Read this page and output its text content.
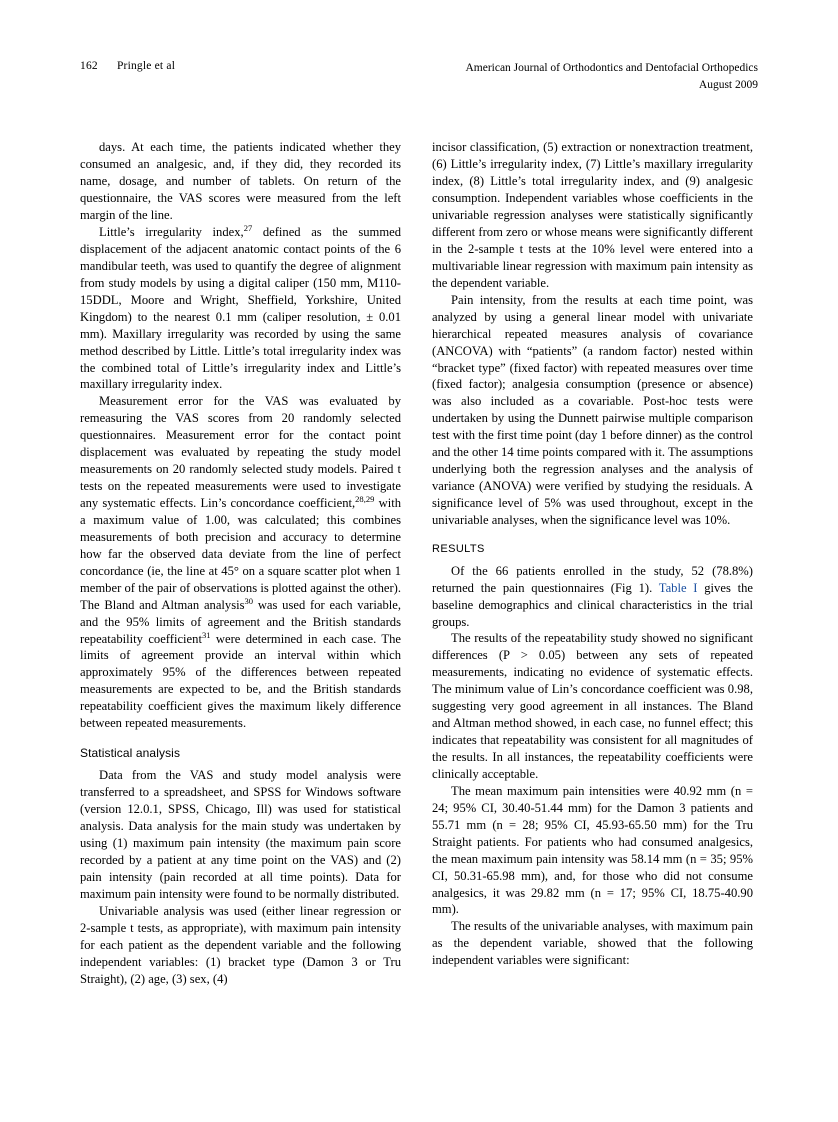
162 Pringle et al	American Journal of Orthodontics and Dentofacial Orthopedics
August 2009

days. At each time, the patients indicated whether they consumed an analgesic, and, if they did, they recorded its name, dosage, and number of tablets. On return of the questionnaire, the VAS scores were measured from the left margin of the line.

Little’s irregularity index,$^{27}$ defined as the summed displacement of the adjacent anatomic contact points of the 6 mandibular teeth, was used to quantify the degree of alignment from study models by using a digital caliper (150 mm, M110-15DDL, Moore and Wright, Sheffield, Yorkshire, United Kingdom) to the nearest 0.1 mm (caliper resolution, ± 0.01 mm). Maxillary irregularity was recorded by using the same method described by Little. Little’s total irregularity index was the combined total of Little’s irregularity index and Little’s maxillary irregularity index.

Measurement error for the VAS was evaluated by remeasuring the VAS scores from 20 randomly selected questionnaires. Measurement error for the contact point displacement was evaluated by repeating the study model measurements on 20 randomly selected study models. Paired t tests on the repeated measurements were used to investigate any systematic effects. Lin’s concordance coefficient,$^{28,29}$ with a maximum value of 1.00, was calculated; this combines measurements of both precision and accuracy to determine how far the observed data deviate from the line of perfect concordance (ie, the line at 45° on a square scatter plot when 1 member of the pair of observations is plotted against the other). The Bland and Altman analysis$^{30}$ was used for each variable, and the 95% limits of agreement and the British standards repeatability coefficient$^{31}$ were determined in each case. The limits of agreement provide an interval within which approximately 95% of the differences between repeated measurements are expected to be, and the British standards repeatability coefficient gives the maximum likely difference between repeated measurements.

Statistical analysis

Data from the VAS and study model analysis were transferred to a spreadsheet, and SPSS for Windows software (version 12.0.1, SPSS, Chicago, Ill) was used for statistical analysis. Data analysis for the main study was undertaken by using (1) maximum pain intensity (the maximum pain score recorded by a patient at any time point on the VAS) and (2) pain intensity (pain recorded at all time points). Data for maximum pain intensity were found to be normally distributed.

Univariable analysis was used (either linear regression or 2-sample t tests, as appropriate), with maximum pain intensity for each patient as the dependent variable and the following independent variables: (1) bracket type (Damon 3 or Tru Straight), (2) age, (3) sex, (4)

incisor classification, (5) extraction or nonextraction treatment, (6) Little’s irregularity index, (7) Little’s maxillary irregularity index, (8) Little’s total irregularity index, and (9) analgesic consumption. Independent variables whose coefficients in the univariable regression analyses were statistically significantly different from zero or whose means were significantly different in the 2-sample t tests at the 10% level were entered into a multivariable linear regression with maximum pain intensity as the dependent variable.

Pain intensity, from the results at each time point, was analyzed by using a general linear model with univariate hierarchical repeated measures analysis of covariance (ANCOVA) with “patients” (a random factor) nested within “bracket type” (fixed factor) with repeated measures over time (fixed factor); analgesia consumption (presence or absence) was also included as a covariable. Post-hoc tests were undertaken by using the Dunnett pairwise multiple comparison test with the first time point (day 1 before dinner) as the control and the other 14 time points compared with it. The assumptions underlying both the regression analyses and the analysis of variance (ANOVA) were verified by studying the residuals. A significance level of 5% was used throughout, except in the univariable analyses, when the significance level was 10%.

RESULTS

Of the 66 patients enrolled in the study, 52 (78.8%) returned the pain questionnaires (Fig 1). Table I gives the baseline demographics and clinical characteristics in the trial groups.

The results of the repeatability study showed no significant differences (P > 0.05) between any sets of repeated measurements, indicating no evidence of systematic effects. The minimum value of Lin’s concordance coefficient was 0.98, suggesting very good agreement in all instances. The Bland and Altman method showed, in each case, no funnel effect; this indicates that repeatability was consistent for all magnitudes of the results. In all instances, the repeatability coefficients were clinically acceptable.

The mean maximum pain intensities were 40.92 mm (n = 24; 95% CI, 30.40-51.44 mm) for the Damon 3 patients and 55.71 mm (n = 28; 95% CI, 45.93-65.50 mm) for the Tru Straight patients. For patients who had consumed analgesics, the mean maximum pain intensity was 58.14 mm (n = 35; 95% CI, 50.31-65.98 mm), and, for those who did not consume analgesics, it was 29.82 mm (n = 17; 95% CI, 18.75-40.90 mm).

The results of the univariable analyses, with maximum pain as the dependent variable, showed that the following independent variables were significant:
